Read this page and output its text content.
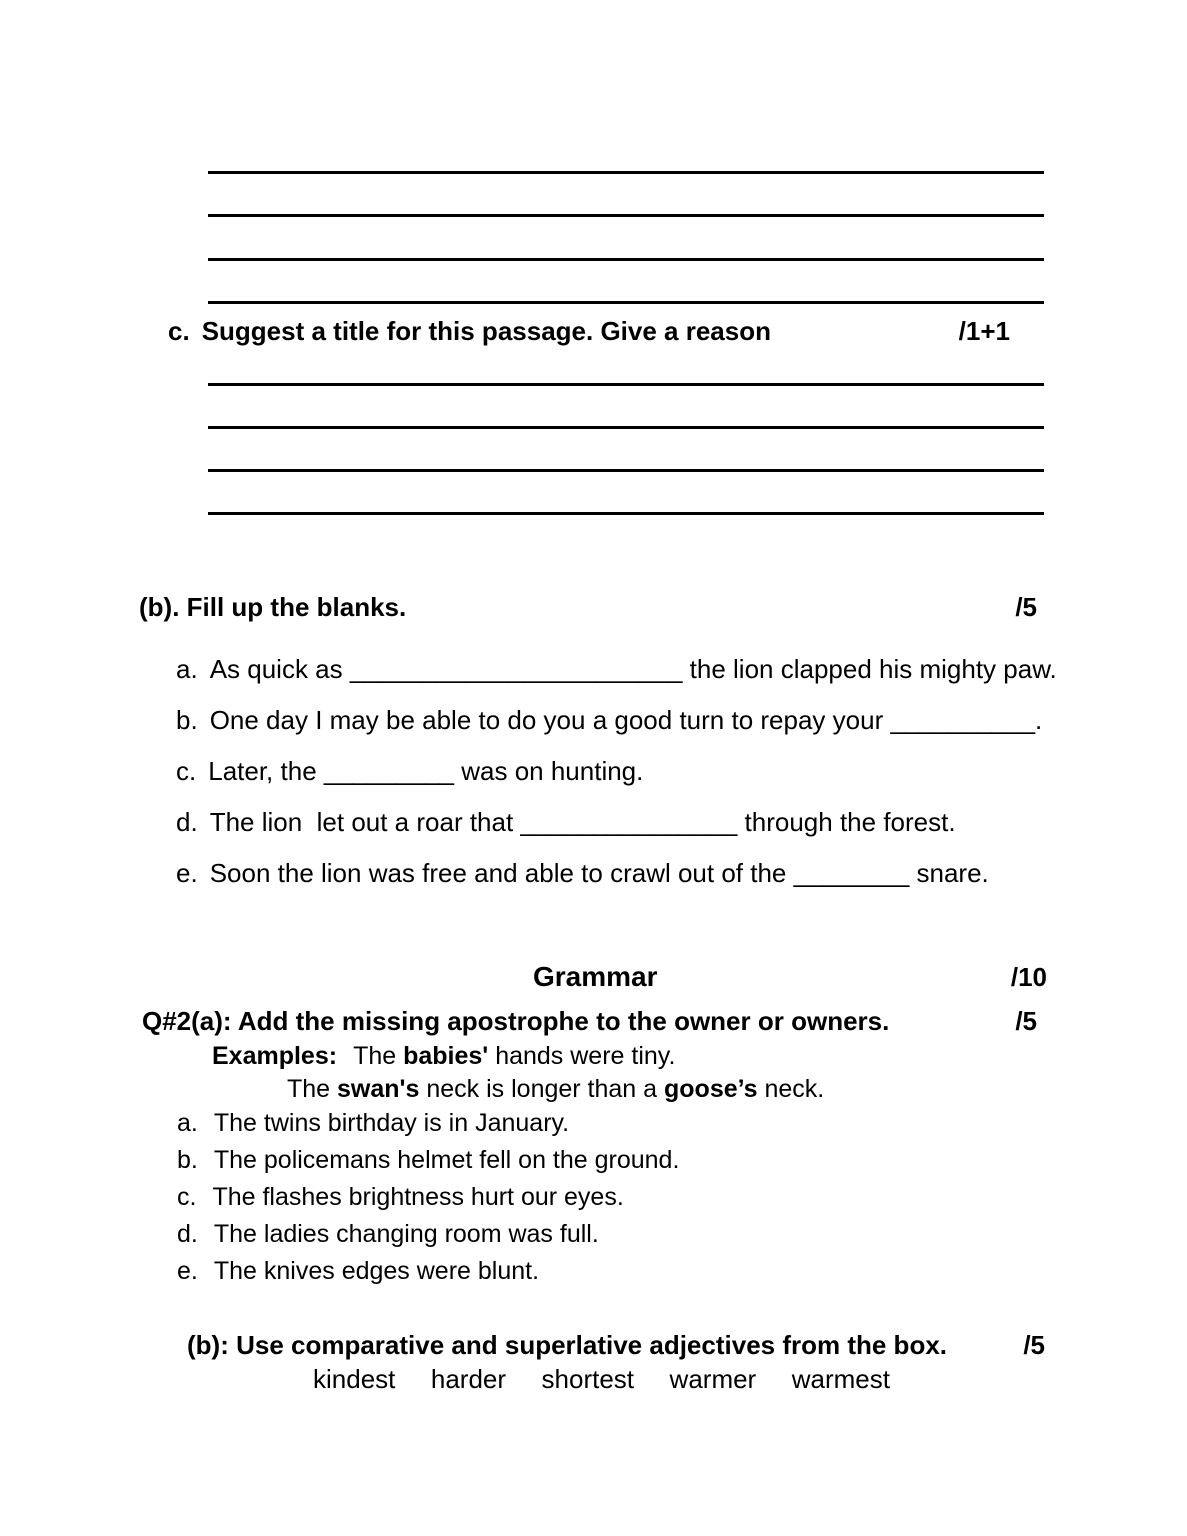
c. Suggest a title for this passage. Give a reason	/1+1
(b). Fill up the blanks.	/5
a. As quick as _______________________ the lion clapped his mighty paw.
b. One day I may be able to do you a good turn to repay your __________.
c. Later, the _________ was on hunting.
d. The lion  let out a roar that _______________ through the forest.
e. Soon the lion was free and able to crawl out of the ________ snare.
Grammar	/10
Q#2(a): Add the missing apostrophe to the owner or owners.	/5
Examples: The babies' hands were tiny.
The swan's neck is longer than a goose’s neck.
a. The twins birthday is in January.
b. The policemans helmet fell on the ground.
c. The flashes brightness hurt our eyes.
d. The ladies changing room was full.
e. The knives edges were blunt.
(b): Use comparative and superlative adjectives from the box.	/5
kindest harder shortest warmer warmest
